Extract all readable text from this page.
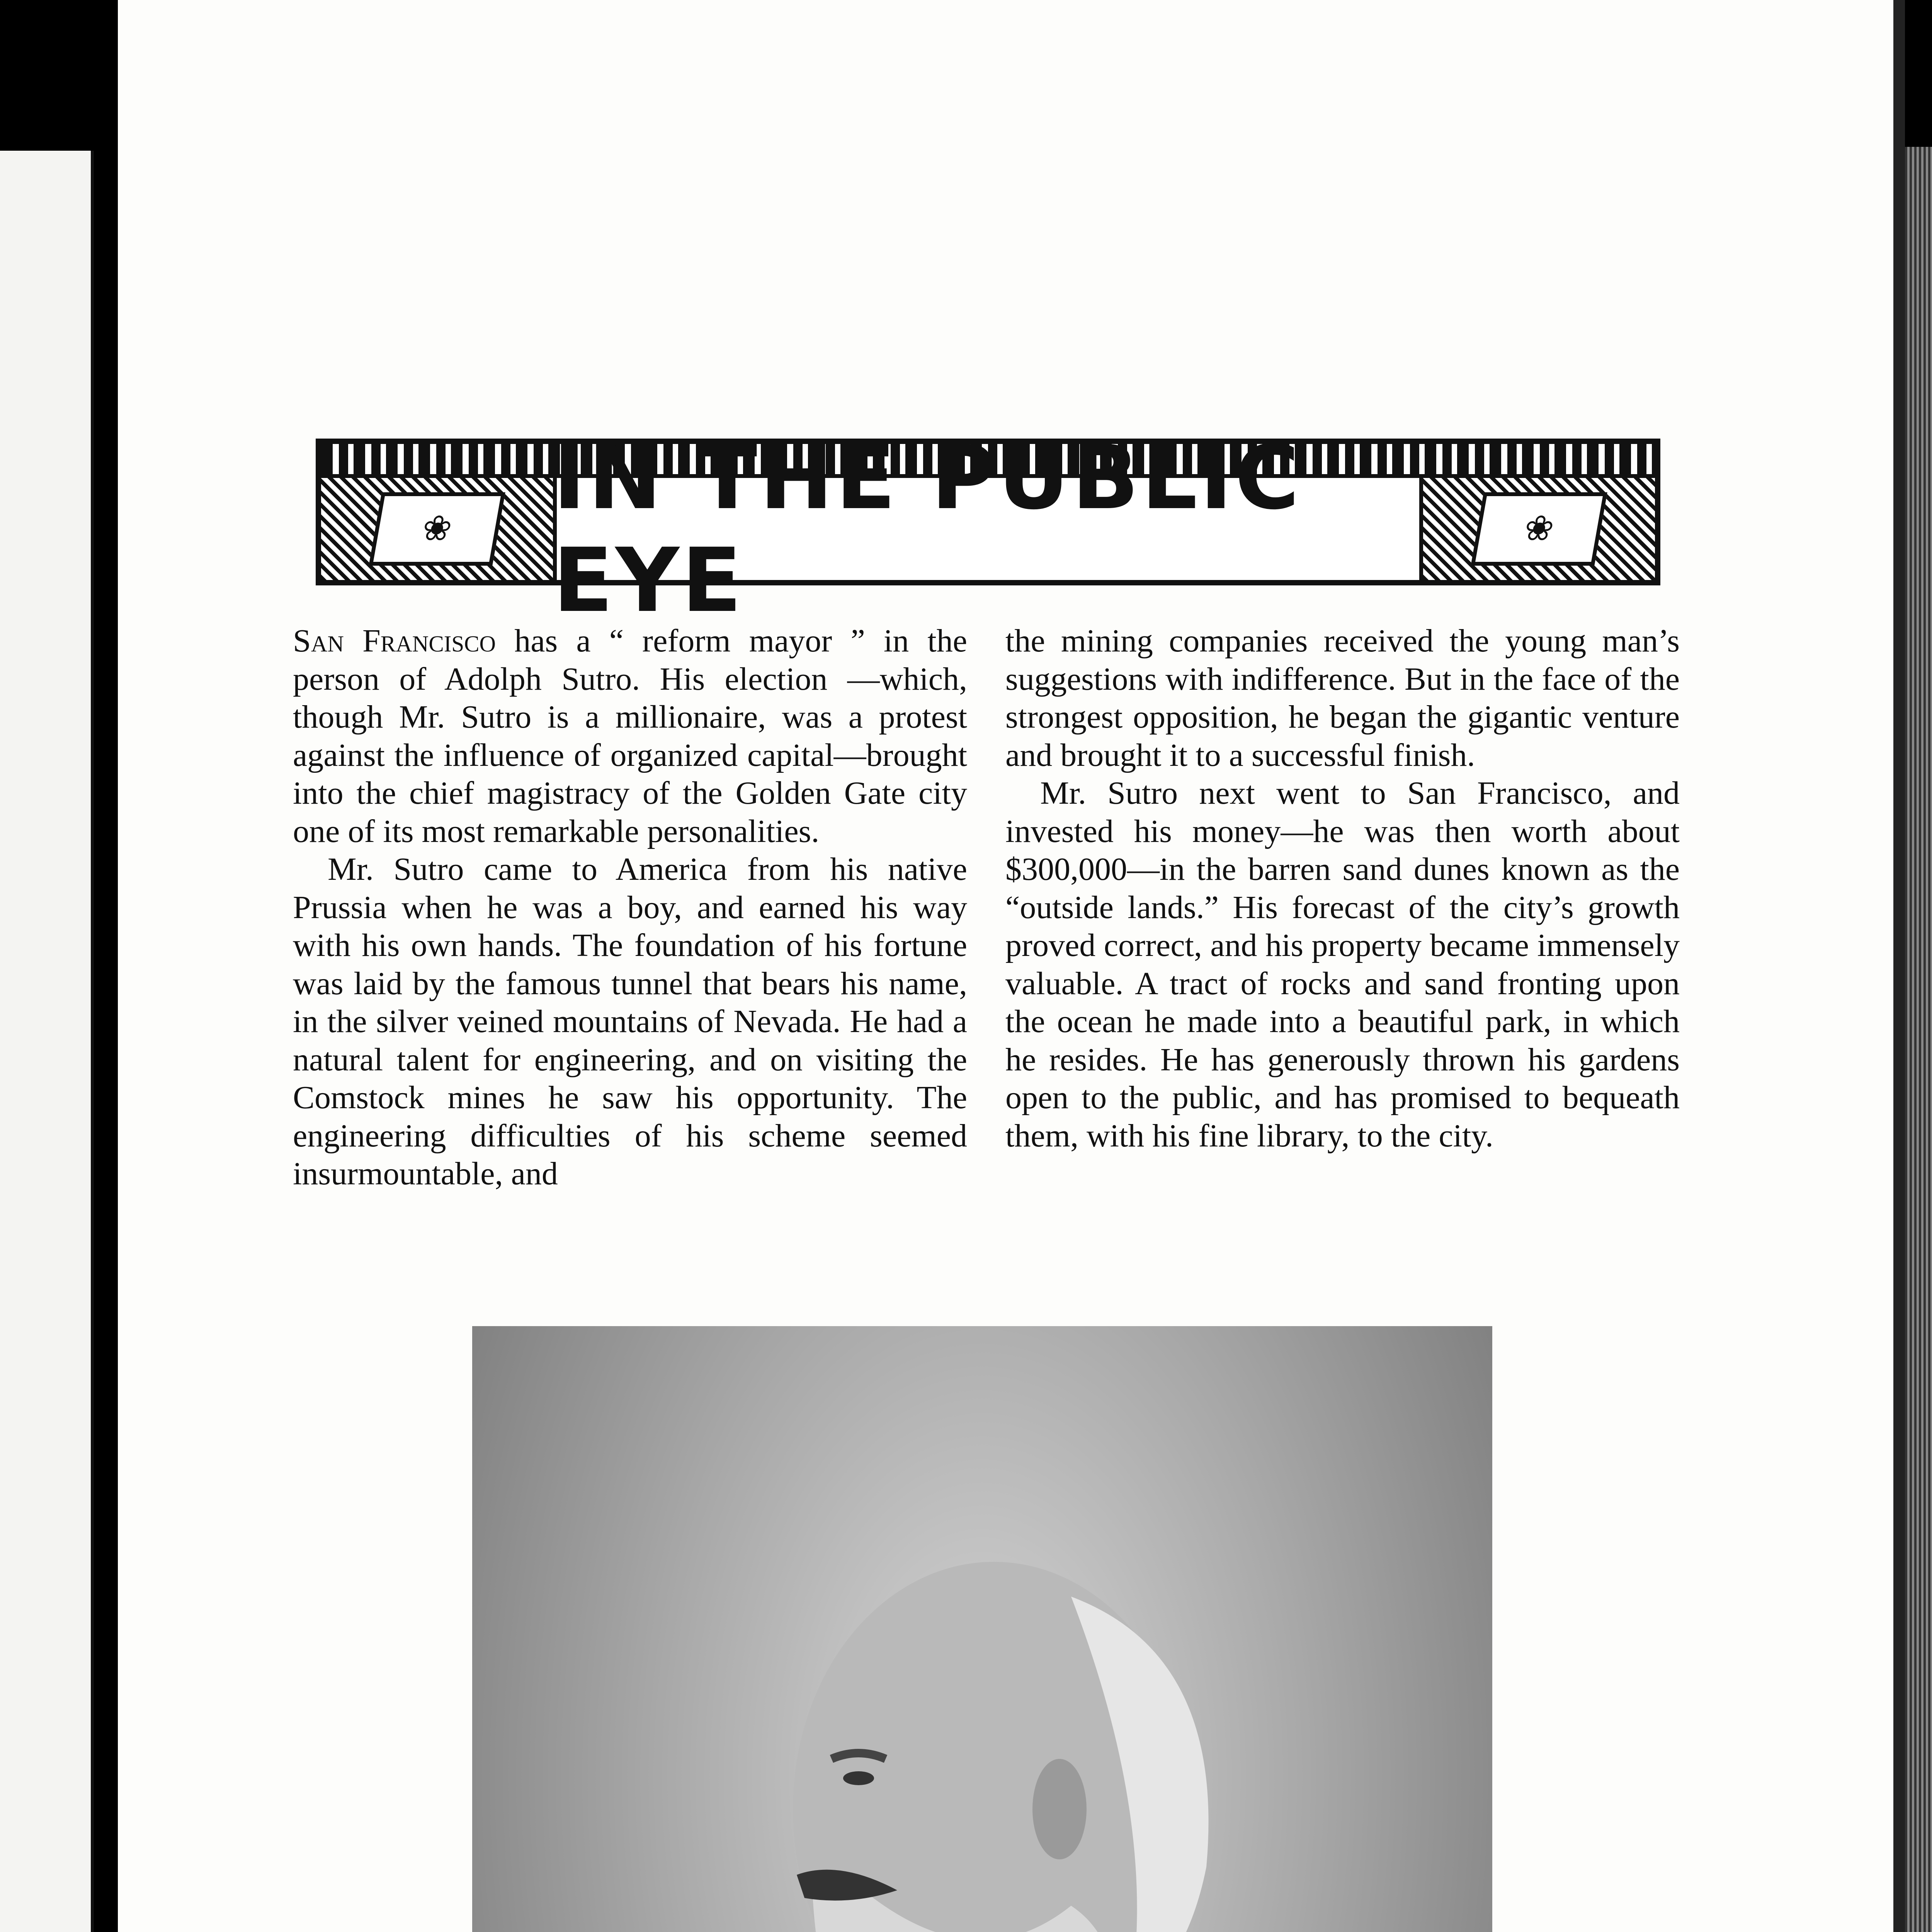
❀
EYE
❀

San Francisco has a “ reform mayor ” in the person of Adolph Sutro. His election —which, though Mr. Sutro is a millionaire, was a protest against the influence of organized capital—brought into the chief magistracy of the Golden Gate city one of its most remarkable personalities.

Mr. Sutro came to America from his native Prussia when he was a boy, and earned his way with his own hands. The foundation of his fortune was laid by the famous tunnel that bears his name, in the silver veined mountains of Nevada. He had a natural talent for engineering, and on visiting the Comstock mines he saw his opportunity. The engineering difficulties of his scheme seemed insurmountable, and

the mining companies received the young man’s suggestions with indifference. But in the face of the strongest opposition, he began the gigantic venture and brought it to a successful finish.

Mr. Sutro next went to San Francisco, and invested his money—he was then worth about $300,000—in the barren sand dunes known as the “outside lands.” His forecast of the city’s growth proved correct, and his property became immensely valuable. A tract of rocks and sand fronting upon the ocean he made into a beautiful park, in which he resides. He has generously thrown his gardens open to the public, and has promised to bequeath them, with his fine library, to the city.
